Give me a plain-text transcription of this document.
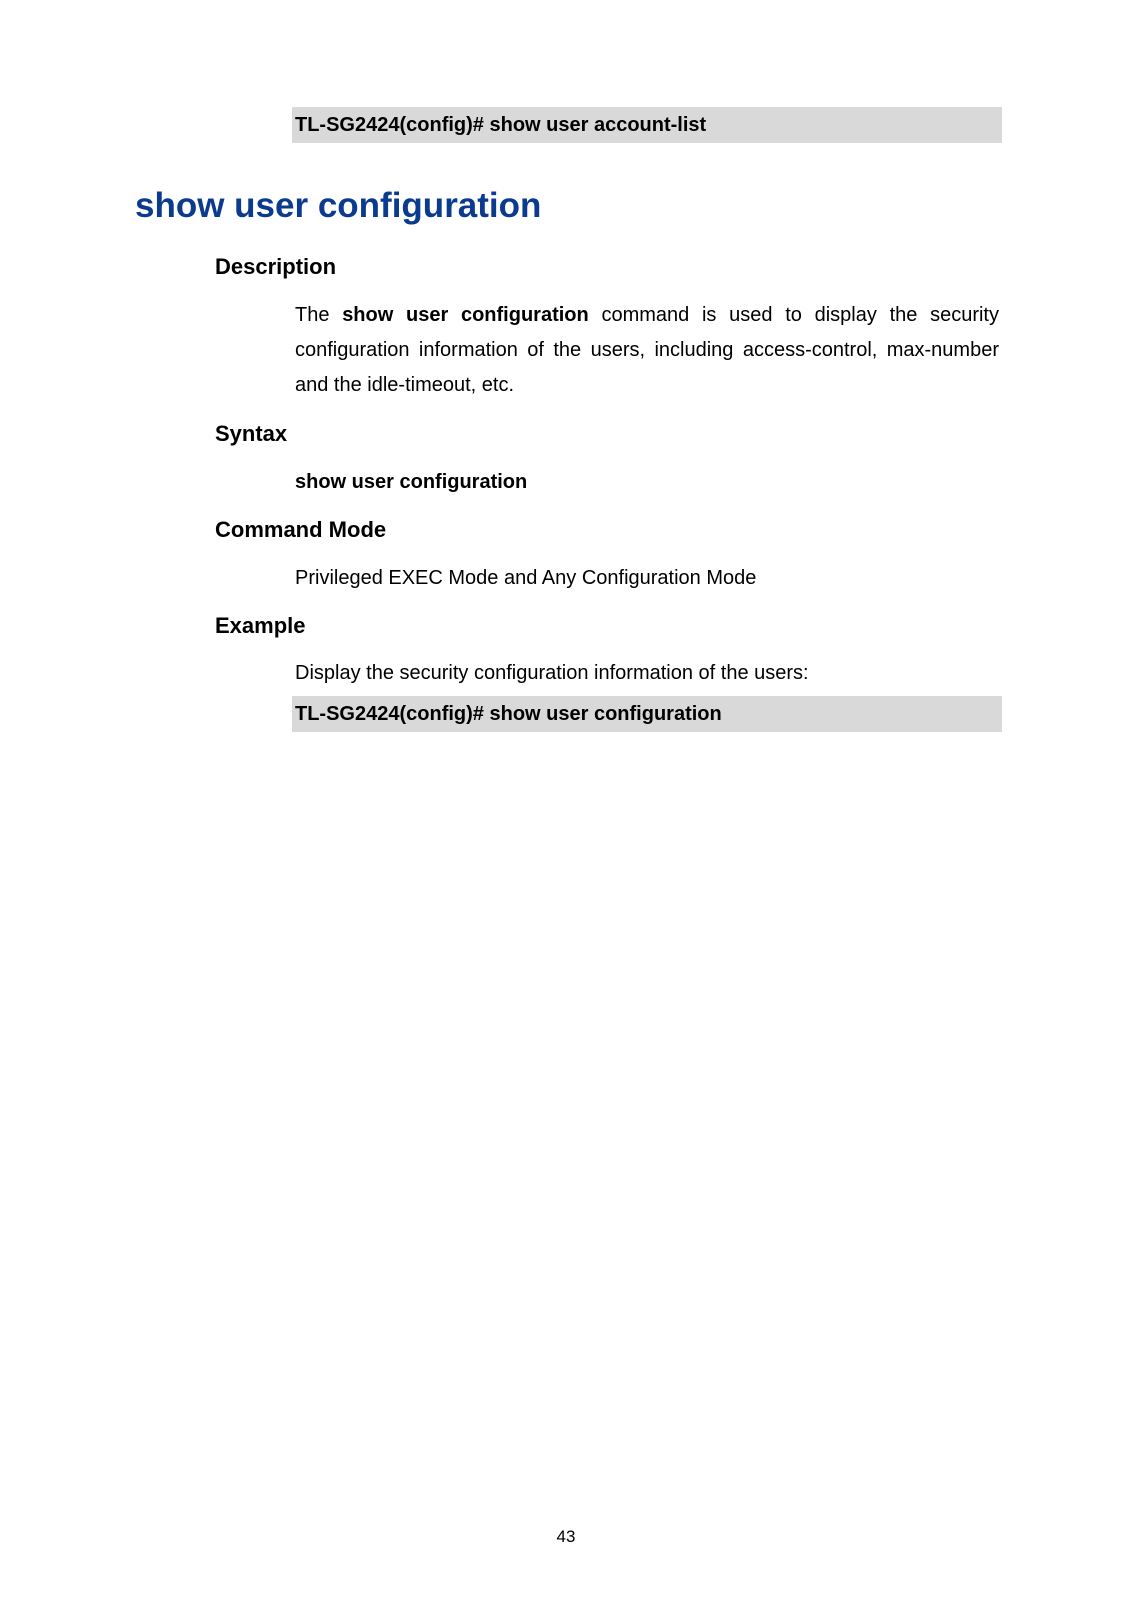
TL-SG2424(config)# show user account-list
show user configuration
Description

The show user configuration command is used to display the security configuration information of the users, including access-control, max-number and the idle-timeout, etc.

Syntax
show user configuration
Command Mode
Privileged EXEC Mode and Any Configuration Mode
Example
Display the security configuration information of the users:
TL-SG2424(config)# show user configuration
43
